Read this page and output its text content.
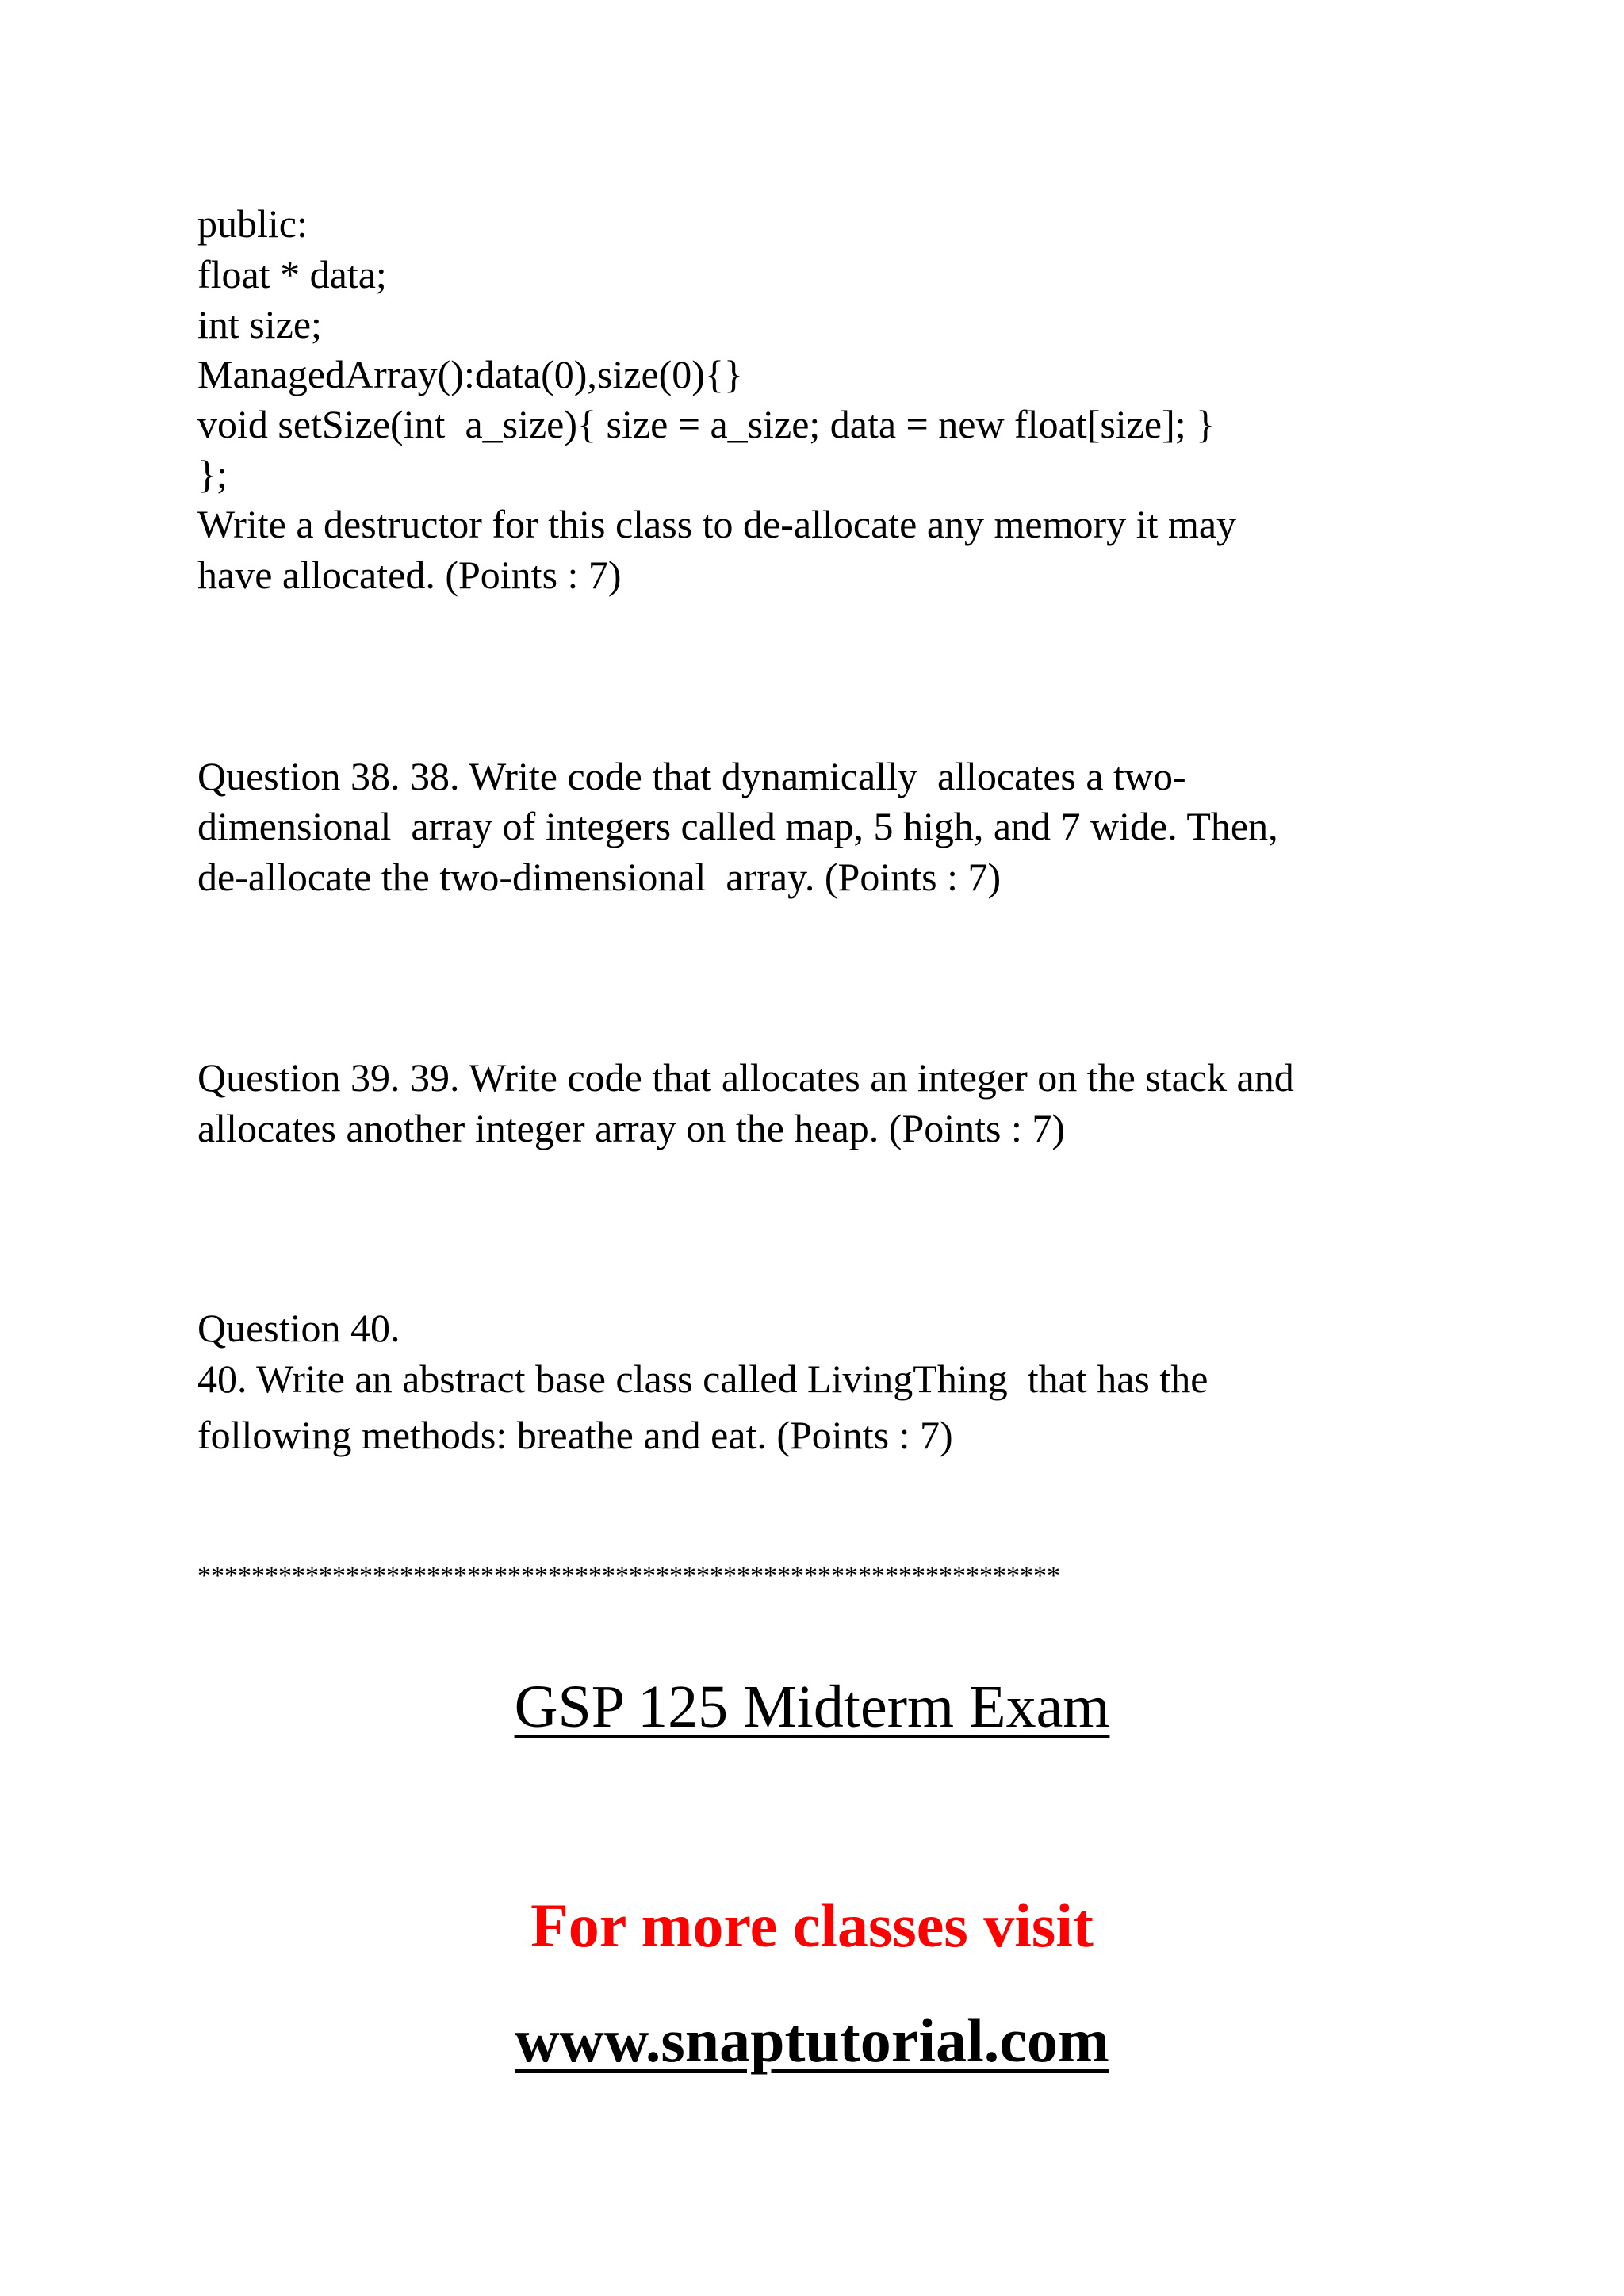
public:
float * data;
int size;
ManagedArray():data(0),size(0){}
void setSize(int  a_size){ size = a_size; data = new float[size]; }
};
Write a destructor for this class to de-allocate any memory it may
have allocated. (Points : 7)
Question 38. 38. Write code that dynamically  allocates a two-
dimensional  array of integers called map, 5 high, and 7 wide. Then,
de-allocate the two-dimensional  array. (Points : 7)
Question 39. 39. Write code that allocates an integer on the stack and
allocates another integer array on the heap. (Points : 7)
Question 40.
40. Write an abstract base class called LivingThing  that has the
following methods: breathe and eat. (Points : 7)
****************************************************************
GSP 125 Midterm Exam
For more classes visit
www.snaptutorial.com
